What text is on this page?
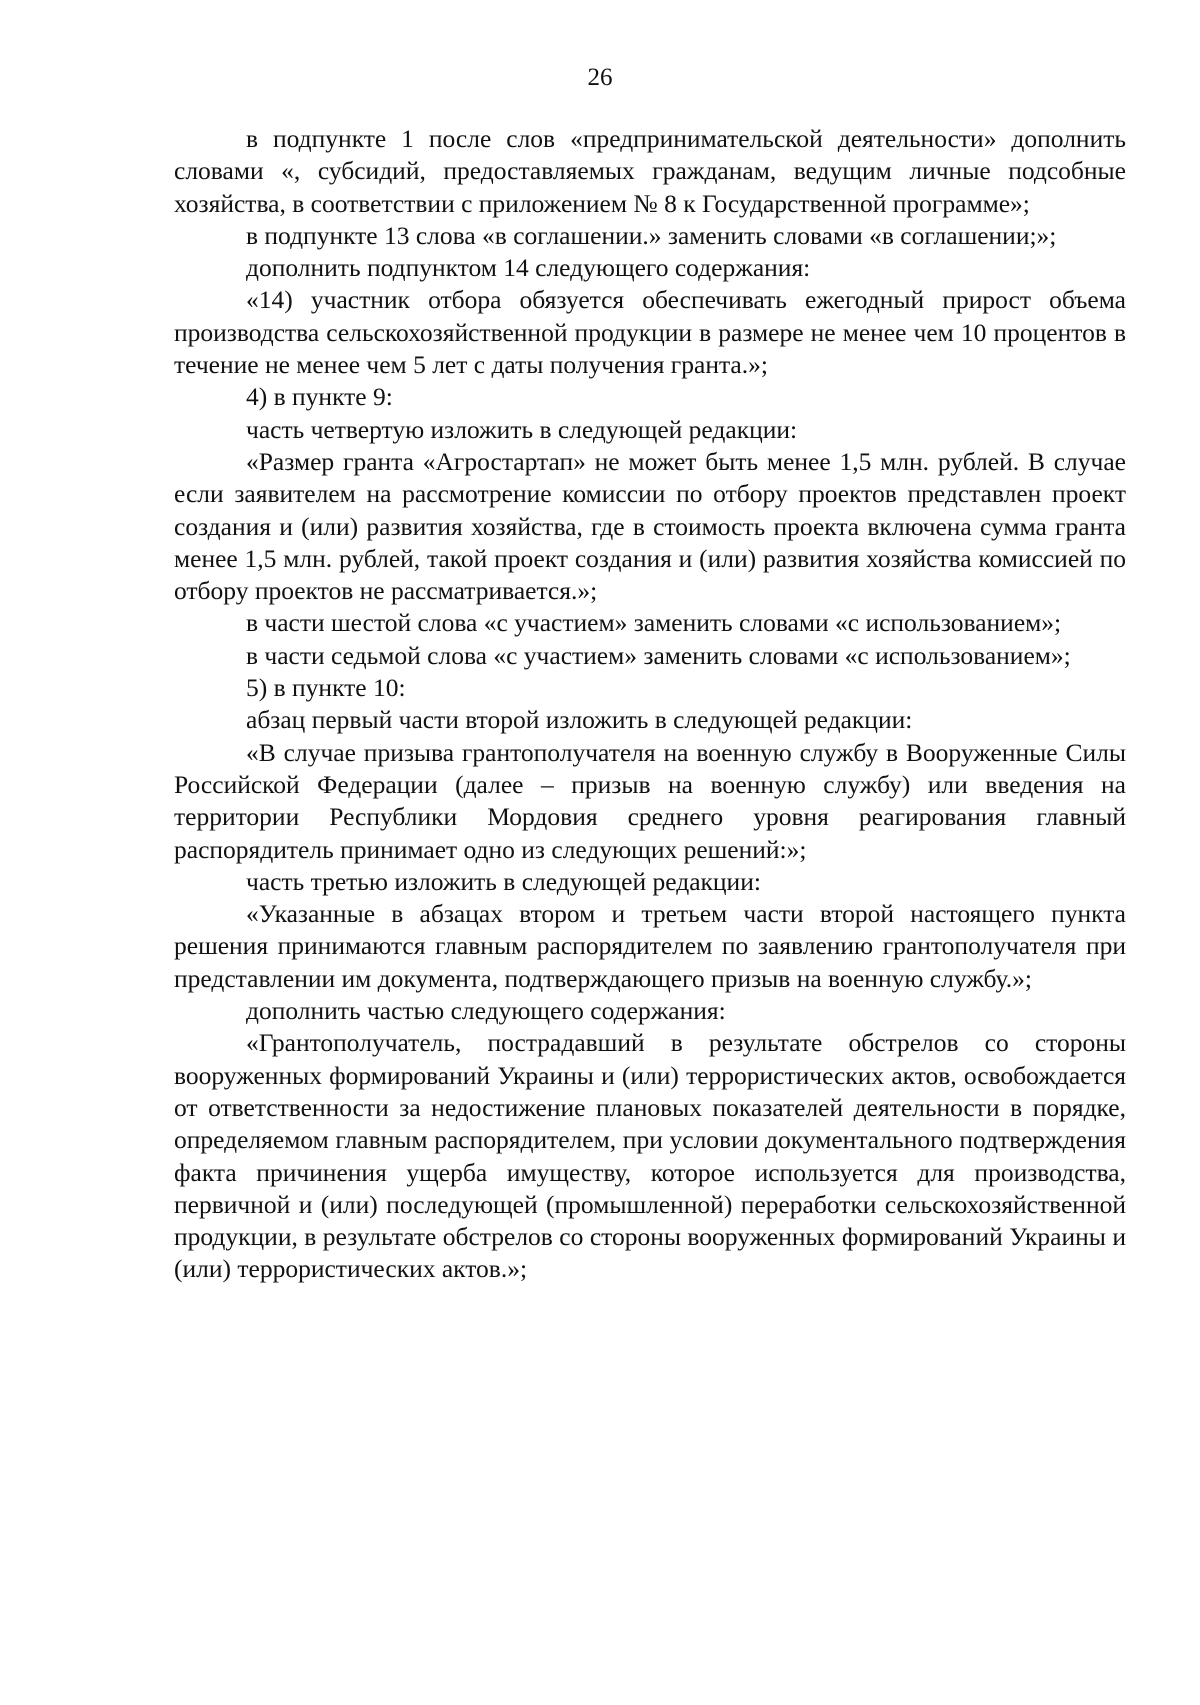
26

в подпункте 1 после слов «предпринимательской деятельности» дополнить словами «, субсидий, предоставляемых гражданам, ведущим личные подсобные хозяйства, в соответствии с приложением № 8 к Государственной программе»;

в подпункте 13 слова «в соглашении.» заменить словами «в соглашении;»;

дополнить подпунктом 14 следующего содержания:

«14) участник отбора обязуется обеспечивать ежегодный прирост объема производства сельскохозяйственной продукции в размере не менее чем 10 процентов в течение не менее чем 5 лет с даты получения гранта.»;

4) в пункте 9:

часть четвертую изложить в следующей редакции:

«Размер гранта «Агростартап» не может быть менее 1,5 млн. рублей. В случае если заявителем на рассмотрение комиссии по отбору проектов представлен проект создания и (или) развития хозяйства, где в стоимость проекта включена сумма гранта менее 1,5 млн. рублей, такой проект создания и (или) развития хозяйства комиссией по отбору проектов не рассматривается.»;

в части шестой слова «с участием» заменить словами «с использованием»;

в части седьмой слова «с участием» заменить словами «с использованием»;

5) в пункте 10:

абзац первый части второй изложить в следующей редакции:

«В случае призыва грантополучателя на военную службу в Вооруженные Силы Российской Федерации (далее – призыв на военную службу) или введения на территории Республики Мордовия среднего уровня реагирования главный распорядитель принимает одно из следующих решений:»;

часть третью изложить в следующей редакции:

«Указанные в абзацах втором и третьем части второй настоящего пункта решения принимаются главным распорядителем по заявлению грантополучателя при представлении им документа, подтверждающего призыв на военную службу.»;

дополнить частью следующего содержания:

«Грантополучатель, пострадавший в результате обстрелов со стороны вооруженных формирований Украины и (или) террористических актов, освобождается от ответственности за недостижение плановых показателей деятельности в порядке, определяемом главным распорядителем, при условии документального подтверждения факта причинения ущерба имуществу, которое используется для производства, первичной и (или) последующей (промышленной) переработки сельскохозяйственной продукции, в результате обстрелов со стороны вооруженных формирований Украины и (или) террористических актов.»;
